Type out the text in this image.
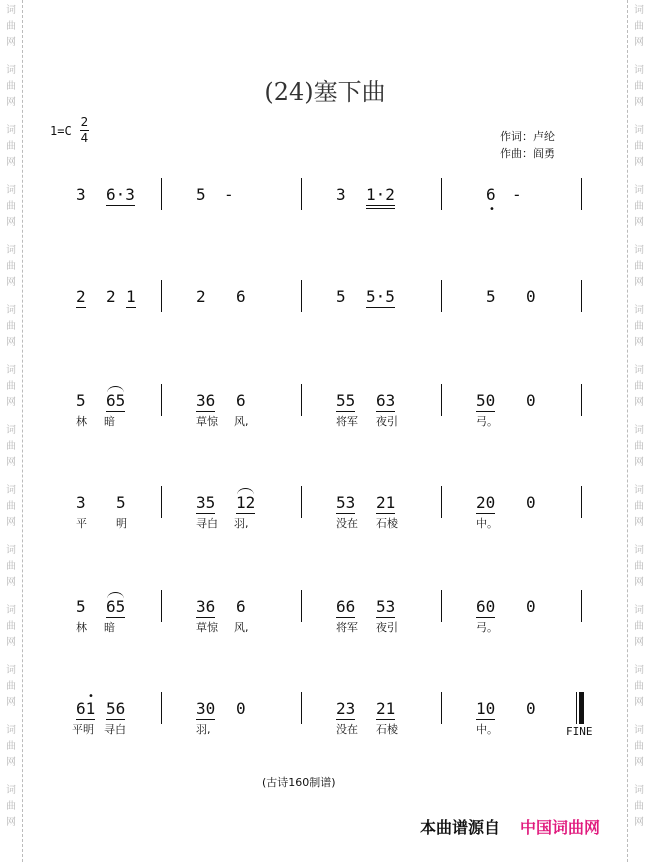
词
曲
网
词
曲
网
词
曲
网
词
曲
网
词
曲
网
词
曲
网
词
曲
网
词
曲
网
词
曲
网
词
曲
网
词
曲
网
词
曲
网
词
曲
网
词
曲
网
词
曲
网
词
曲
网
词
曲
网
词
曲
网
词
曲
网
词
曲
网
词
曲
网
词
曲
网
词
曲
网
词
曲
网
词
曲
网
词
曲
网
词
曲
网
词
曲
网
(24)塞下曲
1=C
2
4	作词：卢纶
作曲：阎勇
3 6·3	5 -	3 1·2	6 -
2 2 1	2 6	5 5·5	5 0
5 65
林 暗
36 6
草惊 风,
55 63
将军 夜引
50 0
弓。
3 5
平	明
35 12
寻白 羽,
53 21
没在 石棱
20 0
中。
5 65
林 暗
36 6
草惊 风,
66 53
将军 夜引
60 0
弓。
61 56
平明 寻白
30 0
羽,
23 21
没在 石棱
10 0
中。
•
•
FINE
(古诗160制谱)
本曲谱源自 中国词曲网
